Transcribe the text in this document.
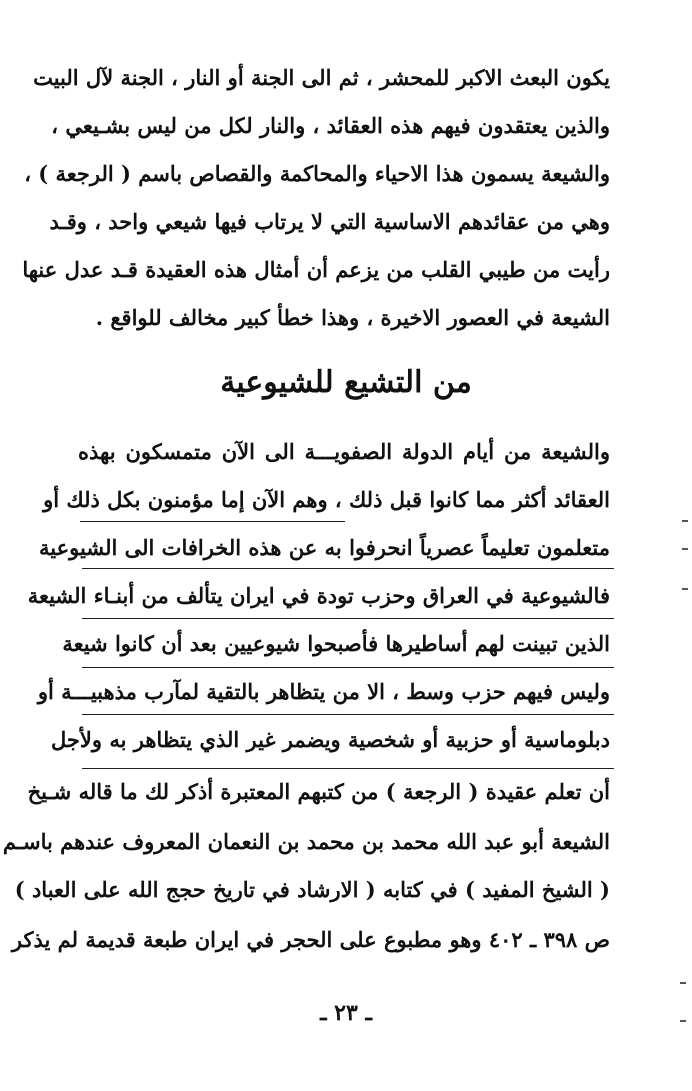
يكون البعث الاكبر للمحشر ، ثم الى الجنة أو النار ، الجنة لآل البيت
والذين يعتقدون فيهم هذه العقائد ، والنار لكل من ليس بشـيعي ،
والشيعة يسمون هذا الاحياء والمحاكمة والقصاص باسم ( الرجعة ) ،
وهي من عقائدهم الاساسية التي لا يرتاب فيها شيعي واحد ، وقـد
رأيت من طيبي القلب من يزعم أن أمثال هذه العقيدة قـد عدل عنها
الشيعة في العصور الاخيرة ، وهذا خطأ كبير مخالف للواقع .
من التشيع للشيوعية
والشيعة من أيام الدولة الصفويـــة الى الآن متمسكون بهذه
العقائد أكثر مما كانوا قبل ذلك ، وهم الآن إما مؤمنون بكل ذلك أو
متعلمون تعليماً عصرياً انحرفوا به عن هذه الخرافات الى الشيوعية
فالشيوعية في العراق وحزب تودة في ايران يتألف من أبنـاء الشيعة
الذين تبينت لهم أساطيرها فأصبحوا شيوعيين بعد أن كانوا شيعة
وليس فيهم حزب وسط ، الا من يتظاهر بالتقية لمآرب مذهبيـــة أو
دبلوماسية أو حزبية أو شخصية ويضمر غير الذي يتظاهر به ولأجل
أن تعلم عقيدة ( الرجعة ) من كتبهم المعتبرة أذكر لك ما قاله شـيخ
الشيعة أبو عبد الله محمد بن محمد بن النعمان المعروف عندهم باسـم
( الشيخ المفيد ) في كتابه ( الارشاد في تاريخ حجج الله على العباد )
ص ٣٩٨ ـ ٤٠٢ وهو مطبوع على الحجر في ايران طبعة قديمة لم يذكر
ـ ٢٣ ـ
